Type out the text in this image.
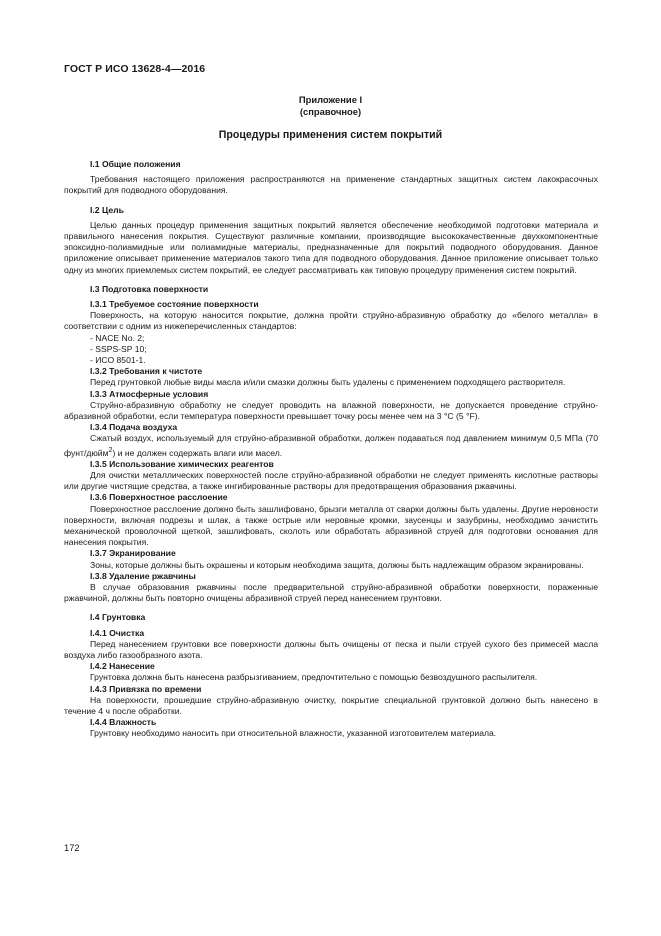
ГОСТ Р ИСО 13628-4—2016
Приложение I
(справочное)
Процедуры применения систем покрытий
I.1 Общие положения

Требования настоящего приложения распространяются на применение стандартных защитных систем лакокрасочных покрытий для подводного оборудования.

I.2 Цель

Целью данных процедур применения защитных покрытий является обеспечение необходимой подготовки материала и правильного нанесения покрытия. Существуют различные компании, производящие высококачественные двухкомпонентные эпоксидно-полиамидные или полиамидные материалы, предназначенные для покрытий подводного оборудования. Данное приложение описывает применение материалов такого типа для подводного оборудования. Данное приложение описывает только одну из многих приемлемых систем покрытий, ее следует рассматривать как типовую процедуру применения систем покрытий.

I.3 Подготовка поверхности
I.3.1 Требуемое состояние поверхности

Поверхность, на которую наносится покрытие, должна пройти струйно-абразивную обработку до «белого металла» в соответствии с одним из нижеперечисленных стандартов:

- NACE No. 2;
- SSPS-SP 10;
- ИСО 8501-1.
I.3.2 Требования к чистоте

Перед грунтовкой любые виды масла и/или смазки должны быть удалены с применением подходящего растворителя.

I.3.3 Атмосферные условия

Струйно-абразивную обработку не следует проводить на влажной поверхности, не допускается проведение струйно-абразивной обработки, если температура поверхности превышает точку росы менее чем на 3 °C (5 °F).

I.3.4 Подача воздуха

Сжатый воздух, используемый для струйно-абразивной обработки, должен подаваться под давлением минимум 0,5 МПа (70 фунт/дюйм$^2$) и не должен содержать влаги или масел.

I.3.5 Использование химических реагентов

Для очистки металлических поверхностей после струйно-абразивной обработки не следует применять кислотные растворы или другие чистящие средства, а также ингибированные растворы для предотвращения образования ржавчины.

I.3.6 Поверхностное расслоение

Поверхностное расслоение должно быть зашлифовано, брызги металла от сварки должны быть удалены. Другие неровности поверхности, включая подрезы и шлак, а также острые или неровные кромки, заусенцы и зазубрины, необходимо зачистить механической проволочной щеткой, зашлифовать, сколоть или обработать абразивной струей для подготовки основания для нанесения покрытия.

I.3.7 Экранирование

Зоны, которые должны быть окрашены и которым необходима защита, должны быть надлежащим образом экранированы.

I.3.8 Удаление ржавчины

В случае образования ржавчины после предварительной струйно-абразивной обработки поверхности, пораженные ржавчиной, должны быть повторно очищены абразивной струей перед нанесением грунтовки.

I.4 Грунтовка
I.4.1 Очистка

Перед нанесением грунтовки все поверхности должны быть очищены от песка и пыли струей сухого без примесей масла воздуха либо газообразного азота.

I.4.2 Нанесение

Грунтовка должна быть нанесена разбрызгиванием, предпочтительно с помощью безвоздушного распылителя.

I.4.3 Привязка по времени

На поверхности, прошедшие струйно-абразивную очистку, покрытие специальной грунтовкой должно быть нанесено в течение 4 ч после обработки.

I.4.4 Влажность

Грунтовку необходимо наносить при относительной влажности, указанной изготовителем материала.

172
